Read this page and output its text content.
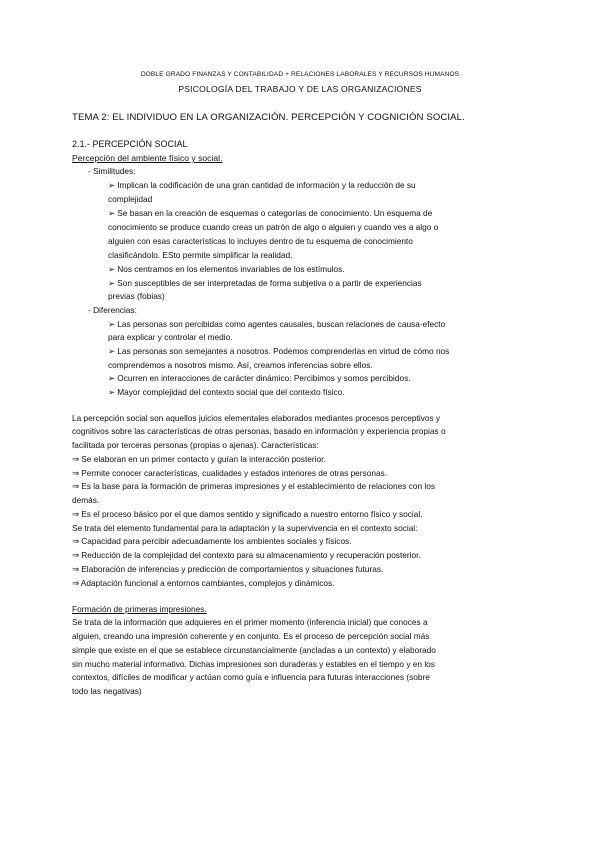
DOBLE GRADO FINANZAS Y CONTABILIDAD + RELACIONES LABORALES Y RECURSOS HUMANOS
PSICOLOGÍA DEL TRABAJO Y DE LAS ORGANIZACIONES
TEMA 2: EL INDIVIDUO EN LA ORGANIZACIÓN. PERCEPCIÓN Y COGNICIÓN SOCIAL.
2.1.- PERCEPCIÓN SOCIAL
Percepción del ambiente físico y social.
- Similitudes:
➢ Implican la codificación de una gran cantidad de información y la reducción de su
complejidad
➢ Se basan en la creación de esquemas o categorías de conocimiento. Un esquema de
conocimiento se produce cuando creas un patrón de algo o alguien y cuando ves a algo o
alguien con esas características lo incluyes dentro de tu esquema de conocimiento
clasificándolo. ESto permite simplificar la realidad.
➢ Nos centramos en los elementos invariables de los estímulos.
➢ Son susceptibles de ser interpretadas de forma subjetiva o a partir de experiencias
previas (fobias)
- Diferencias:
➢ Las personas son percibidas como agentes causales, buscan relaciones de causa-efecto
para explicar y controlar el medio.
➢ Las personas son semejantes a nosotros. Podemos comprenderlas en virtud de cómo nos
comprendemos a nosotros mismo. Así, creamos inferencias sobre ellos.
➢ Ocurren en interacciones de carácter dinámico: Percibimos y somos percibidos.
➢ Mayor complejidad del contexto social que del contexto físico.
La percepción social son aquellos juicios elementales elaborados mediantes procesos perceptivos y
cognitivos sobre las características de otras personas, basado en información y experiencia propias o
facilitada por terceras personas (propias o ajenas). Características:
⇒ Se elaboran en un primer contacto y guían la interacción posterior.
⇒ Permite conocer características, cualidades y estados interiores de otras personas.
⇒ Es la base para la formación de primeras impresiones y el establecimiento de relaciones con los
demás.
⇒ Es el proceso básico por el que damos sentido y significado a nuestro entorno físico y social.
Se trata del elemento fundamental para la adaptación y la supervivencia en el contexto social:
⇒ Capacidad para percibir adecuadamente los ambientes sociales y físicos.
⇒ Reducción de la complejidad del contexto para su almacenamiento y recuperación posterior.
⇒ Elaboración de inferencias y predicción de comportamientos y situaciones futuras.
⇒ Adaptación funcional a entornos cambiantes, complejos y dinámicos.
Formación de primeras impresiones.
Se trata de la información que adquieres en el primer momento (inferencia inicial) que conoces a
alguien, creando una impresión coherente y en conjunto. Es el proceso de percepción social más
simple que existe en el que se establece circunstancialmente (ancladas a un contexto) y elaborado
sin mucho material informativo. Dichas impresiones son duraderas y estables en el tiempo y en los
contextos, difíciles de modificar y actúan como guía e influencia para futuras interacciones (sobre
todo las negativas)
